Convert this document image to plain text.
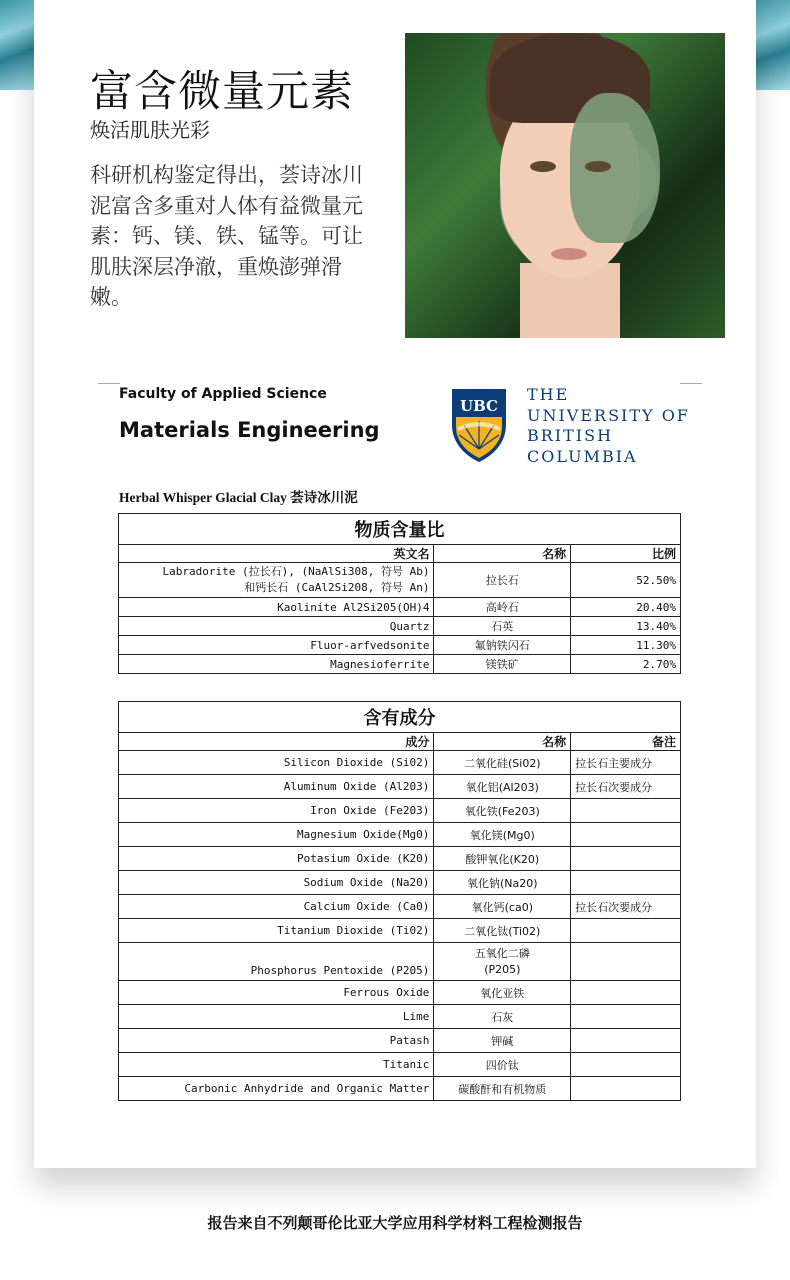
富含微量元素
焕活肌肤光彩
科研机构鉴定得出，荟诗冰川泥富含多重对人体有益微量元素：钙、镁、铁、锰等。可让肌肤深层净澈，重焕澎弹滑嫩。
Faculty of Applied Science
Materials Engineering
UBC
THE
UNIVERSITY OF
BRITISH
COLUMBIA
Herbal Whisper Glacial Clay 荟诗冰川泥
物质含量比		
英文名	名称	比例
Labradorite (拉长石), (NaAlSi308, 符号 Ab)
和钙长石 (CaAl2Si208, 符号 An)	拉长石	52.50%
Kaolinite Al2Si205(OH)4	高岭石	20.40%
Quartz	石英	13.40%
Fluor-arfvedsonite	氟钠铁闪石	11.30%
Magnesioferrite	镁铁矿	2.70%
含有成分		
成分	名称	备注
Silicon Dioxide (Si02)	二氧化硅(Si02)	拉长石主要成分
Aluminum Oxide (Al203)	氧化铝(Al203)	拉长石次要成分
Iron Oxide (Fe203)	氧化铁(Fe203)	
Magnesium Oxide(Mg0)	氧化镁(Mg0)	
Potasium Oxide (K20)	酸钾氧化(K20)	
Sodium Oxide (Na20)	氧化钠(Na20)	
Calcium Oxide (Ca0)	氧化钙(ca0)	拉长石次要成分
Titanium Dioxide (Ti02)	二氧化钛(Ti02)	
Phosphorus Pentoxide (P205)	五氧化二磷
(P205)	
Ferrous Oxide	氧化亚铁	
Lime	石灰	
Patash	钾碱	
Titanic	四价钛	
Carbonic Anhydride and Organic Matter	碳酸酐和有机物质	
报告来自不列颠哥伦比亚大学应用科学材料工程检测报告
